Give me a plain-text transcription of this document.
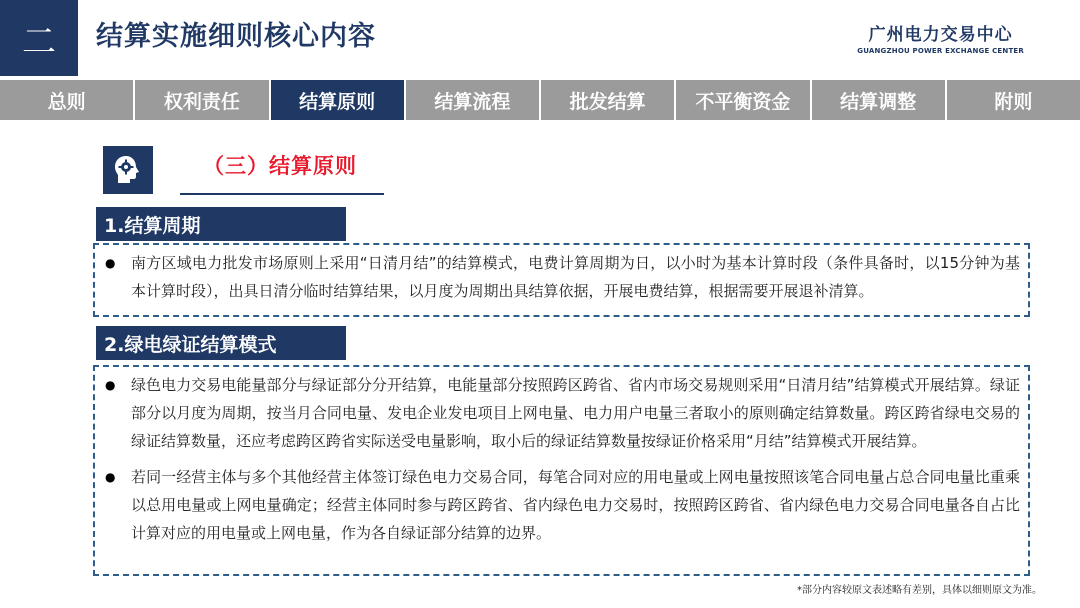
二	结算实施细则核心内容	广州电力交易中心
GUANGZHOU POWER EXCHANGE CENTER
总则	权利责任	结算原则	结算流程	批发结算	不平衡资金	结算调整	附则
（三）结算原则
1.结算周期
● 南方区域电力批发市场原则上采用“日清月结”的结算模式，电费计算周期为日，以小时为基本计算时段（条件具备时，以15分钟为基本计算时段），出具日清分临时结算结果，以月度为周期出具结算依据，开展电费结算，根据需要开展退补清算。
2.绿电绿证结算模式
● 绿色电力交易电能量部分与绿证部分分开结算，电能量部分按照跨区跨省、省内市场交易规则采用“日清月结”结算模式开展结算。绿证部分以月度为周期，按当月合同电量、发电企业发电项目上网电量、电力用户电量三者取小的原则确定结算数量。跨区跨省绿电交易的绿证结算数量，还应考虑跨区跨省实际送受电量影响，取小后的绿证结算数量按绿证价格采用“月结”结算模式开展结算。
● 若同一经营主体与多个其他经营主体签订绿色电力交易合同，每笔合同对应的用电量或上网电量按照该笔合同电量占总合同电量比重乘以总用电量或上网电量确定；经营主体同时参与跨区跨省、省内绿色电力交易时，按照跨区跨省、省内绿色电力交易合同电量各自占比计算对应的用电量或上网电量，作为各自绿证部分结算的边界。
*部分内容较原文表述略有差别，具体以细则原文为准。
